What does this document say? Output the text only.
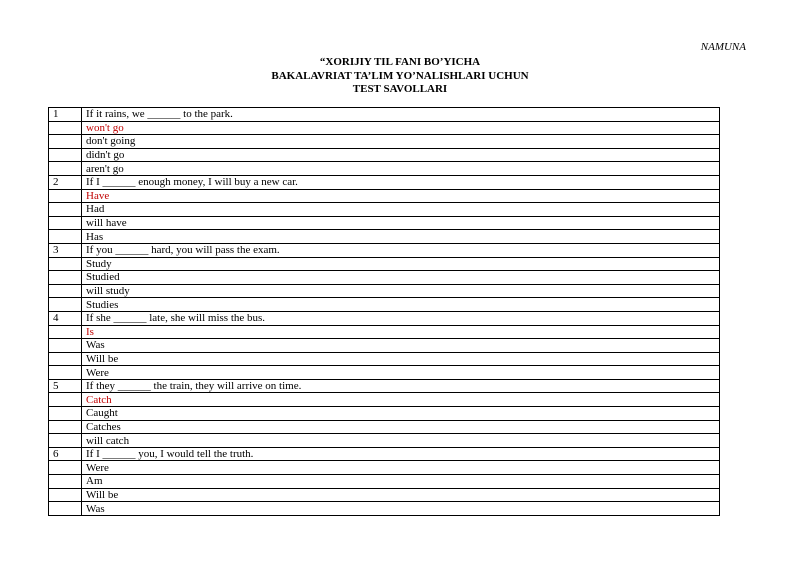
NAMUNA
“XORIJIY TIL FANI BO’YICHA
BAKALAVRIAT TA’LIM YO’NALISHLARI UCHUN
TEST SAVOLLARI
1	If it rains, we ______ to the park.
	won't go
	don't going
	didn't go
	aren't go
2	If I ______ enough money, I will buy a new car.
	Have
	Had
	will have
	Has
3	If you ______ hard, you will pass the exam.
	Study
	Studied
	will study
	Studies
4	If she ______ late, she will miss the bus.
	Is
	Was
	Will be
	Were
5	If they ______ the train, they will arrive on time.
	Catch
	Caught
	Catches
	will catch
6	If I ______ you, I would tell the truth.
	Were
	Am
	Will be
	Was
